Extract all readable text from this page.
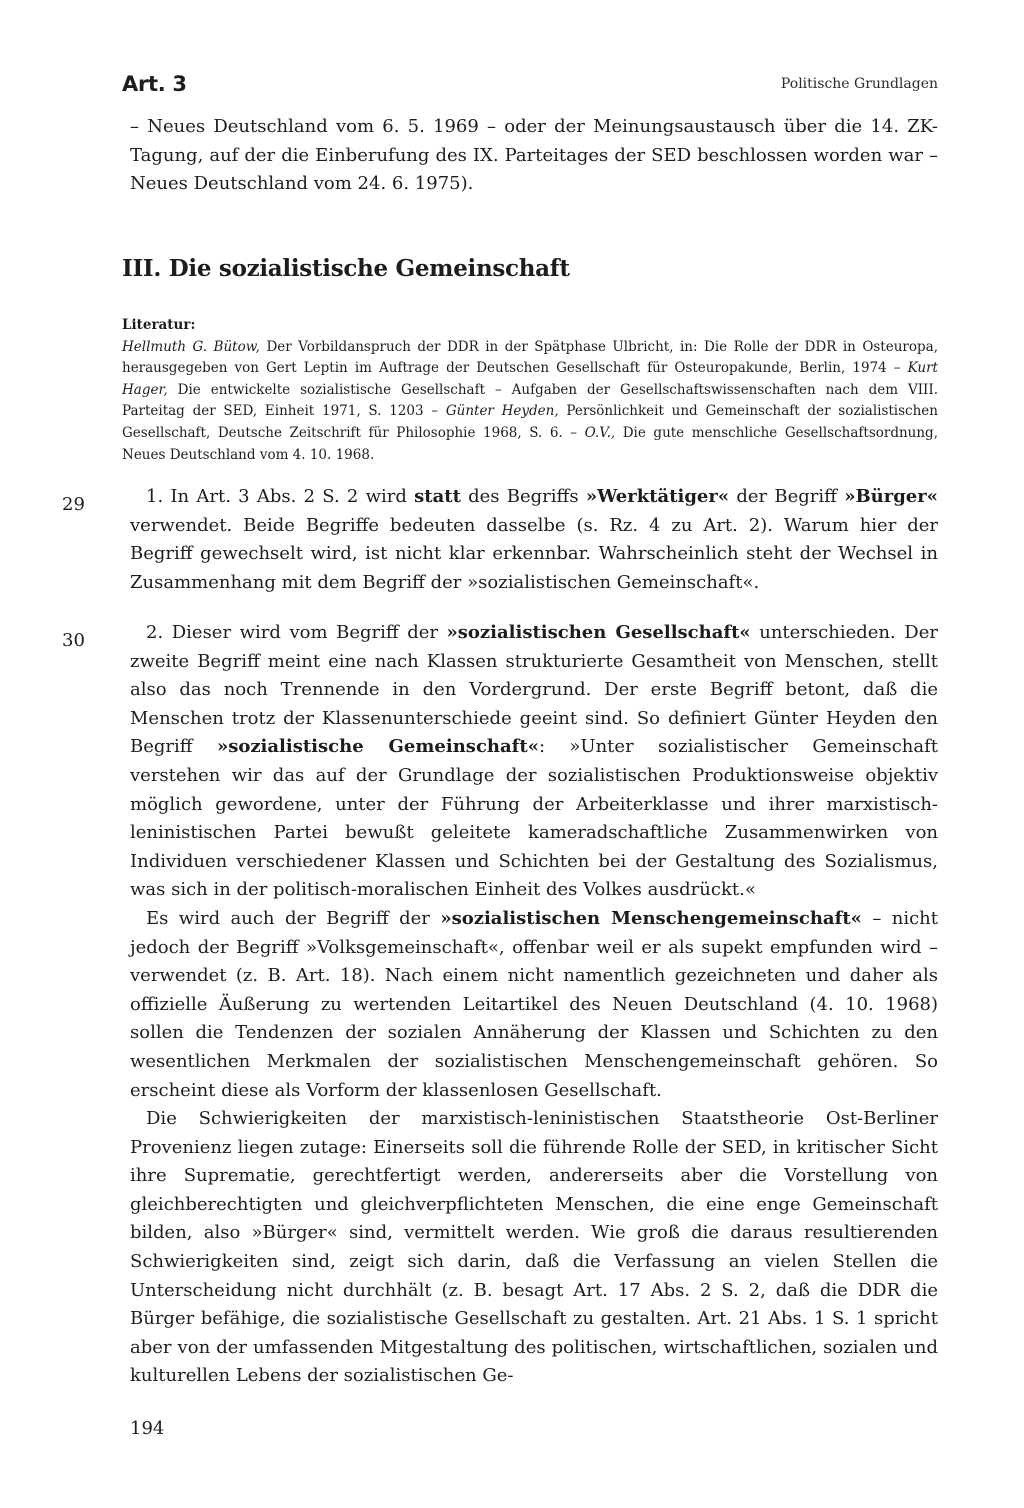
Art. 3	Politische Grundlagen

– Neues Deutschland vom 6. 5. 1969 – oder der Meinungsaustausch über die 14. ZK-Tagung, auf der die Einberufung des IX. Parteitages der SED beschlossen worden war – Neues Deutschland vom 24. 6. 1975).

III. Die sozialistische Gemeinschaft
Literatur:

Hellmuth G. Bütow, Der Vorbildanspruch der DDR in der Spätphase Ulbricht, in: Die Rolle der DDR in Osteuropa, herausgegeben von Gert Leptin im Auftrage der Deutschen Gesellschaft für Osteuropakunde, Berlin, 1974 – Kurt Hager, Die entwickelte sozialistische Gesellschaft – Aufgaben der Gesellschaftswissenschaften nach dem VIII. Parteitag der SED, Einheit 1971, S. 1203 – Günter Heyden, Persönlichkeit und Gemeinschaft der sozialistischen Gesellschaft, Deutsche Zeitschrift für Philosophie 1968, S. 6. – O.V., Die gute menschliche Gesellschaftsordnung, Neues Deutschland vom 4. 10. 1968.

29	1. In Art. 3 Abs. 2 S. 2 wird statt des Begriffs »Werktätiger« der Begriff »Bürger« verwendet. Beide Begriffe bedeuten dasselbe (s. Rz. 4 zu Art. 2). Warum hier der Begriff gewechselt wird, ist nicht klar erkennbar. Wahrscheinlich steht der Wechsel in Zusammenhang mit dem Begriff der »sozialistischen Gemeinschaft«.

30	2. Dieser wird vom Begriff der »sozialistischen Gesellschaft« unterschieden. Der zweite Begriff meint eine nach Klassen strukturierte Gesamtheit von Menschen, stellt also das noch Trennende in den Vordergrund. Der erste Begriff betont, daß die Menschen trotz der Klassenunterschiede geeint sind. So definiert Günter Heyden den Begriff »sozialistische Gemeinschaft«: »Unter sozialistischer Gemeinschaft verstehen wir das auf der Grundlage der sozialistischen Produktionsweise objektiv möglich gewordene, unter der Führung der Arbeiterklasse und ihrer marxistisch-leninistischen Partei bewußt geleitete kameradschaftliche Zusammenwirken von Individuen verschiedener Klassen und Schichten bei der Gestaltung des Sozialismus, was sich in der politisch-moralischen Einheit des Volkes ausdrückt.«

Es wird auch der Begriff der »sozialistischen Menschengemeinschaft« – nicht jedoch der Begriff »Volksgemeinschaft«, offenbar weil er als supekt empfunden wird – verwendet (z. B. Art. 18). Nach einem nicht namentlich gezeichneten und daher als offizielle Äußerung zu wertenden Leitartikel des Neuen Deutschland (4. 10. 1968) sollen die Tendenzen der sozialen Annäherung der Klassen und Schichten zu den wesentlichen Merkmalen der sozialistischen Menschengemeinschaft gehören. So erscheint diese als Vorform der klassenlosen Gesellschaft.

Die Schwierigkeiten der marxistisch-leninistischen Staatstheorie Ost-Berliner Provenienz liegen zutage: Einerseits soll die führende Rolle der SED, in kritischer Sicht ihre Suprematie, gerechtfertigt werden, andererseits aber die Vorstellung von gleichberechtigten und gleichverpflichteten Menschen, die eine enge Gemeinschaft bilden, also »Bürger« sind, vermittelt werden. Wie groß die daraus resultierenden Schwierigkeiten sind, zeigt sich darin, daß die Verfassung an vielen Stellen die Unterscheidung nicht durchhält (z. B. besagt Art. 17 Abs. 2 S. 2, daß die DDR die Bürger befähige, die sozialistische Gesellschaft zu gestalten. Art. 21 Abs. 1 S. 1 spricht aber von der umfassenden Mitgestaltung des politischen, wirtschaftlichen, sozialen und kulturellen Lebens der sozialistischen Ge-

194
